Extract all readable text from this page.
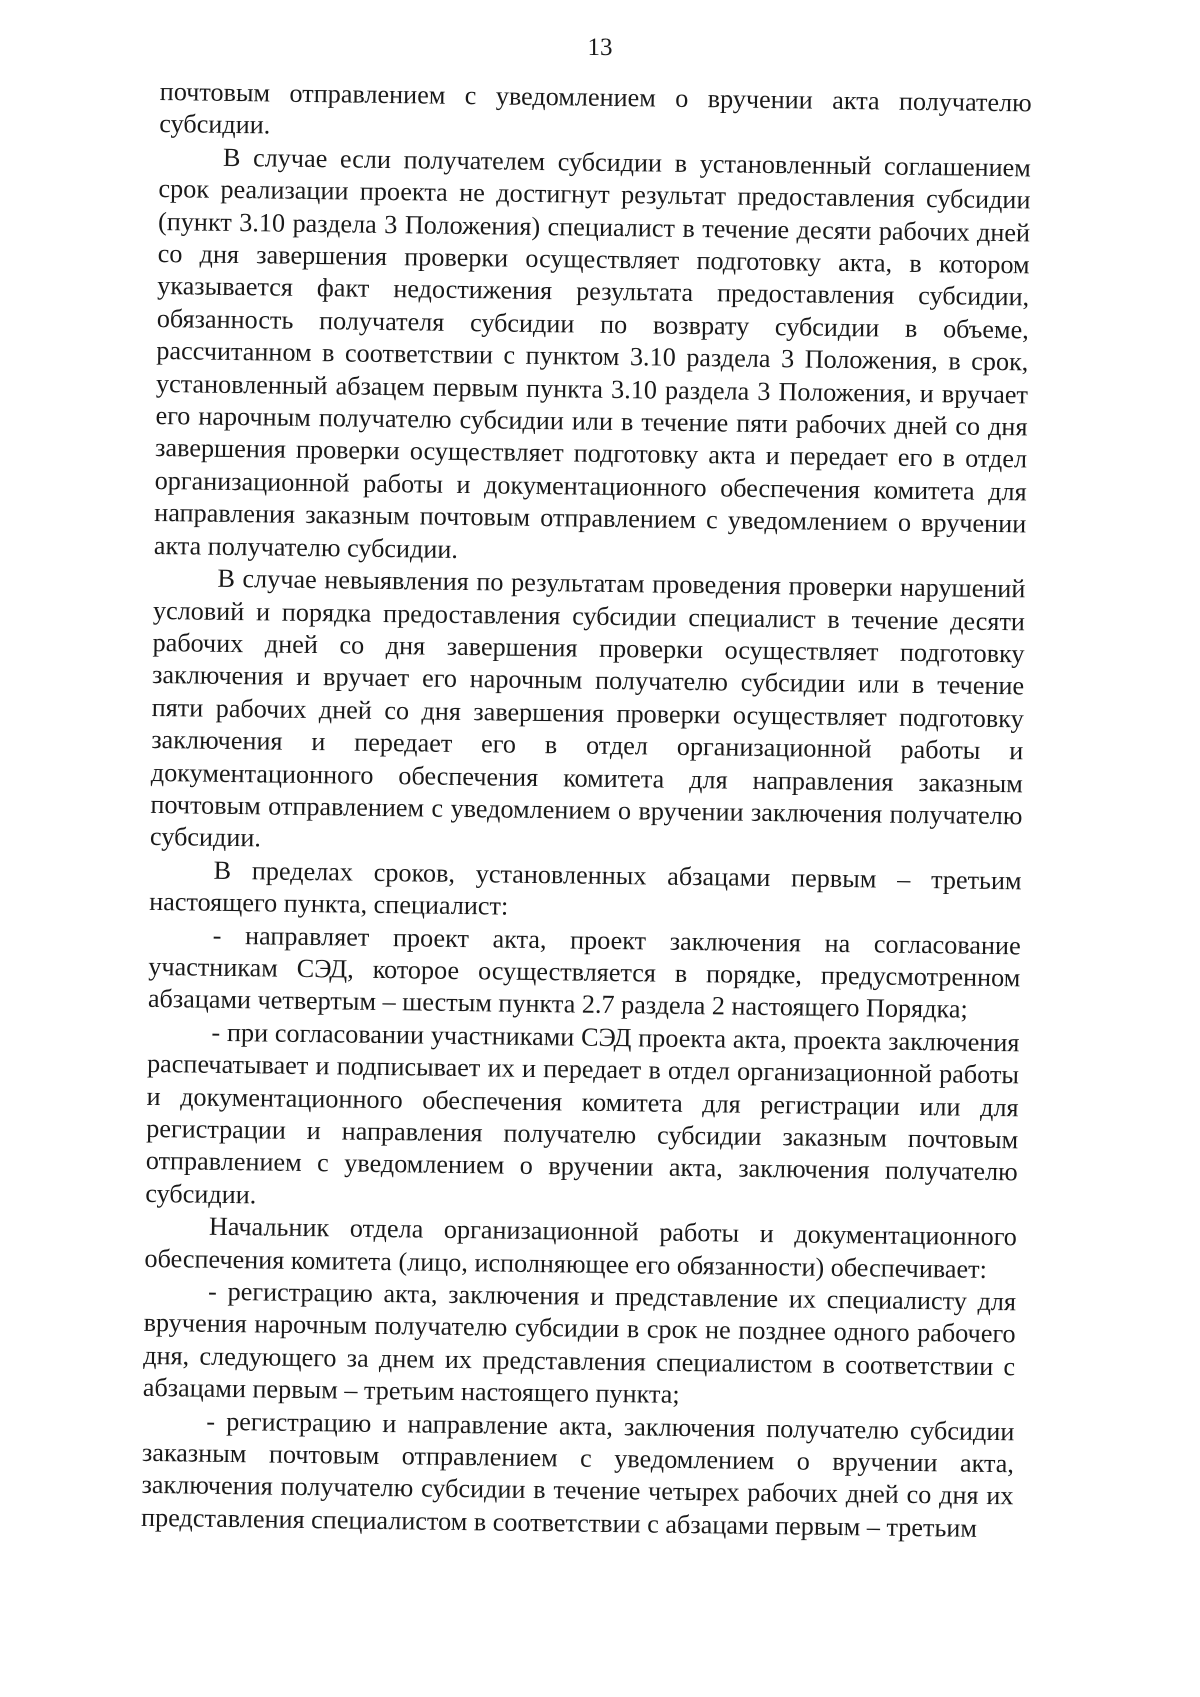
13

почтовым отправлением с уведомлением о вручении акта получателю субсидии.

В случае если получателем субсидии в установленный соглашением срок реализации проекта не достигнут результат предоставления субсидии (пункт 3.10 раздела 3 Положения) специалист в течение десяти рабочих дней со дня завершения проверки осуществляет подготовку акта, в котором указывается факт недостижения результата предоставления субсидии, обязанность получателя субсидии по возврату субсидии в объеме, рассчитанном в соответствии с пунктом 3.10 раздела 3 Положения, в срок, установленный абзацем первым пункта 3.10 раздела 3 Положения, и вручает его нарочным получателю субсидии или в течение пяти рабочих дней со дня завершения проверки осуществляет подготовку акта и передает его в отдел организационной работы и документационного обеспечения комитета для направления заказным почтовым отправлением с уведомлением о вручении акта получателю субсидии.

В случае невыявления по результатам проведения проверки нарушений условий и порядка предоставления субсидии специалист в течение десяти рабочих дней со дня завершения проверки осуществляет подготовку заключения и вручает его нарочным получателю субсидии или в течение пяти рабочих дней со дня завершения проверки осуществляет подготовку заключения и передает его в отдел организационной работы и документационного обеспечения комитета для направления заказным почтовым отправлением с уведомлением о вручении заключения получателю субсидии.

В пределах сроков, установленных абзацами первым – третьим настоящего пункта, специалист:

- направляет проект акта, проект заключения на согласование участникам СЭД, которое осуществляется в порядке, предусмотренном абзацами четвертым – шестым пункта 2.7 раздела 2 настоящего Порядка;

- при согласовании участниками СЭД проекта акта, проекта заключения распечатывает и подписывает их и передает в отдел организационной работы и документационного обеспечения комитета для регистрации или для регистрации и направления получателю субсидии заказным почтовым отправлением с уведомлением о вручении акта, заключения получателю субсидии.

Начальник отдела организационной работы и документационного обеспечения комитета (лицо, исполняющее его обязанности) обеспечивает:

- регистрацию акта, заключения и представление их специалисту для вручения нарочным получателю субсидии в срок не позднее одного рабочего дня, следующего за днем их представления специалистом в соответствии с абзацами первым – третьим настоящего пункта;

- регистрацию и направление акта, заключения получателю субсидии заказным почтовым отправлением с уведомлением о вручении акта, заключения получателю субсидии в течение четырех рабочих дней со дня их представления специалистом в соответствии с абзацами первым – третьим
